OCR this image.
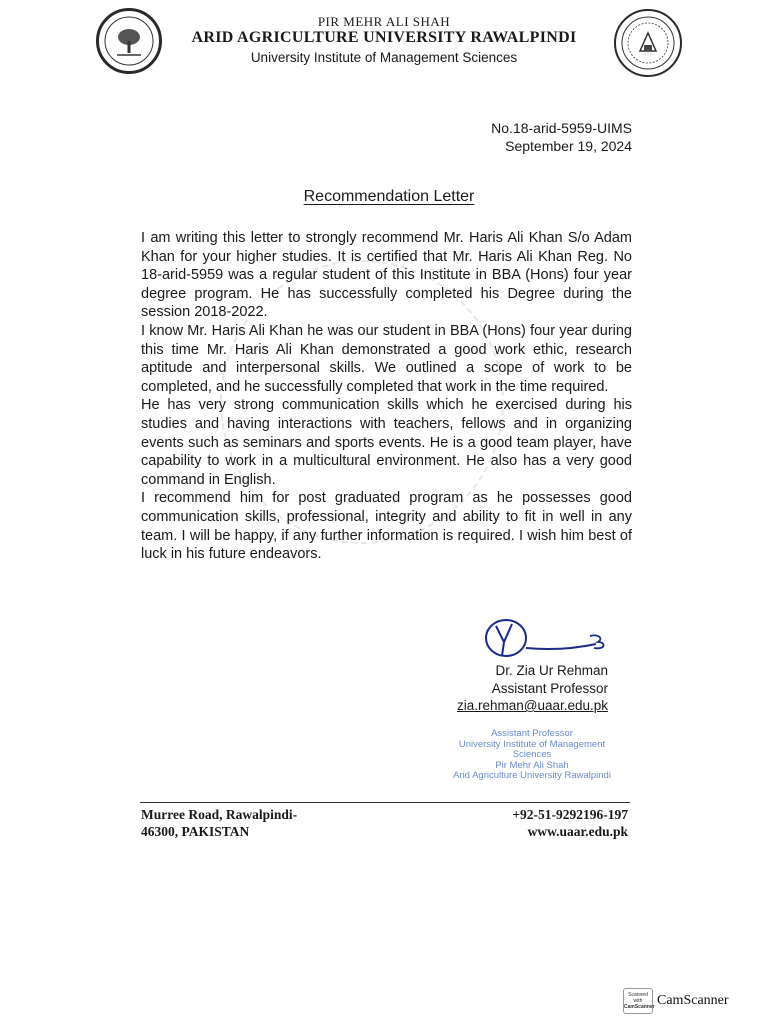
PIR MEHR ALI SHAH
ARID AGRICULTURE UNIVERSITY RAWALPINDI
University Institute of Management Sciences
No.18-arid-5959-UIMS
September 19, 2024
Recommendation Letter

I am writing this letter to strongly recommend Mr. Haris Ali Khan S/o Adam Khan for your higher studies. It is certified that Mr. Haris Ali Khan Reg. No 18-arid-5959 was a regular student of this Institute in BBA (Hons) four year degree program. He has successfully completed his Degree during the session 2018-2022.

I know Mr. Haris Ali Khan he was our student in BBA (Hons) four year during this time Mr. Haris Ali Khan demonstrated a good work ethic, research aptitude and interpersonal skills. We outlined a scope of work to be completed, and he successfully completed that work in the time required.

He has very strong communication skills which he exercised during his studies and having interactions with teachers, fellows and in organizing events such as seminars and sports events. He is a good team player, have capability to work in a multicultural environment. He also has a very good command in English.

I recommend him for post graduated program as he possesses good communication skills, professional, integrity and ability to fit in well in any team. I will be happy, if any further information is required. I wish him best of luck in his future endeavors.

Dr. Zia Ur Rehman
Assistant Professor
zia.rehman@uaar.edu.pk
Assistant Professor
University Institute of Management Sciences
Pir Mehr Ali Shah
Arid Agriculture University Rawalpindi
Murree Road, Rawalpindi-
46300, PAKISTAN
+92-51-9292196-197
www.uaar.edu.pk
Scanned with
CamScanner CamScanner
